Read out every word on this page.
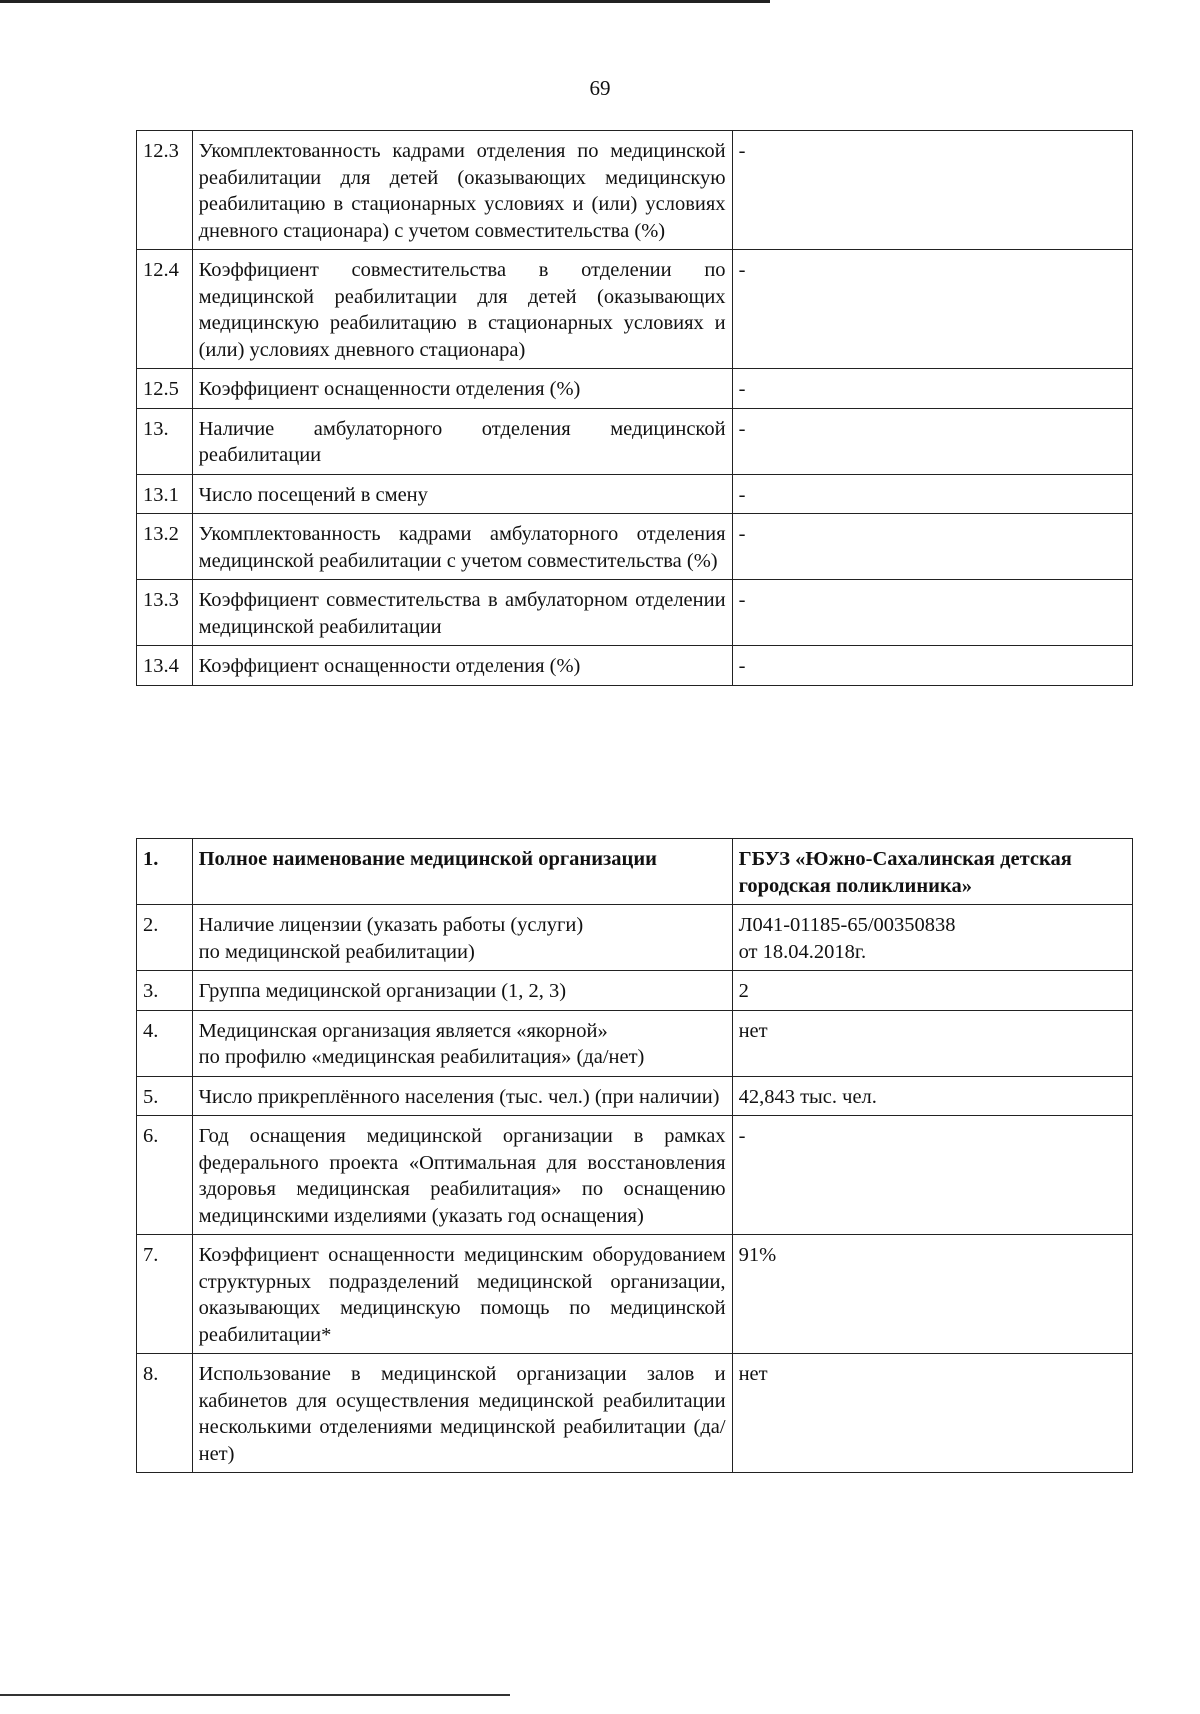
69
12.3	Укомплектованность кадрами отделения по медицинской реабилитации для детей (оказывающих медицинскую реабилитацию в стационарных условиях и (или) условиях дневного стационара) с учетом совместительства (%)	-
12.4	Коэффициент совместительства в отделении по медицинской реабилитации для детей (оказывающих медицинскую реабилитацию в стационарных условиях и (или) условиях дневного стационара)	-
12.5	Коэффициент оснащенности отделения (%)	-
13.	Наличие амбулаторного отделения медицинской реабилитации	-
13.1	Число посещений в смену	-
13.2	Укомплектованность кадрами амбулаторного отделения медицинской реабилитации с учетом совместительства (%)	-
13.3	Коэффициент совместительства в амбулаторном отделении медицинской реабилитации	-
13.4	Коэффициент оснащенности отделения (%)	-
1.	Полное наименование медицинской организации	ГБУЗ «Южно-Сахалинская детская городская поликлиника»
2.	Наличие лицензии (указать работы (услуги)
по медицинской реабилитации)	Л041-01185-65/00350838
от 18.04.2018г.
3.	Группа медицинской организации (1, 2, 3)	2
4.	Медицинская организация является «якорной»
по профилю «медицинская реабилитация» (да/нет)	нет
5.	Число прикреплённого населения (тыс. чел.) (при наличии)	42,843 тыс. чел.
6.	Год оснащения медицинской организации в рамках федерального проекта «Оптимальная для восстановления здоровья медицинская реабилитация» по оснащению медицинскими изделиями (указать год оснащения)	-
7.	Коэффициент оснащенности медицинским оборудованием структурных подразделений медицинской организации, оказывающих медицинскую помощь по медицинской реабилитации*	91%
8.	Использование в медицинской организации залов и кабинетов для осуществления медицинской реабилитации несколькими отделениями медицинской реабилитации (да/нет)	нет
